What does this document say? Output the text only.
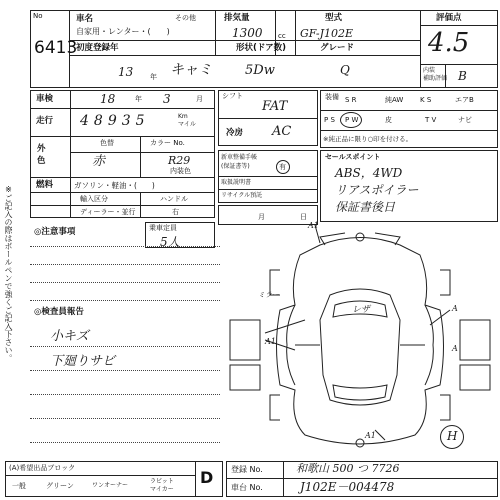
※ご記入の際はボールペンで強くご記入下さい。
No
6413
車名	その他
自家用・レンター・(　　)
排気量
1300 cc
型式
GF-J102E
評価点
4.5
初度登録年	形状(ドア数)	グレード
13 年 キャミ	5Dw	Q	内装
補助評価 B
車検	18	年 3	月
走行 48935	Km
マイル
外
色
色替	カラー No.
赤	R29
内装色
燃料	ガソリン・軽油・(　　)
輸入区分	ハンドル
ディーラー・並行	右
シフト
FAT
冷房 AC
新車整備手帳
(保証書等)	有
取扱説明書
リサイクル預託
月	日
装備 S R	純AW K S	エアB
P S P W	皮	T V	ナビ
※純正品に限り○印を付ける。
セールスポイント
ABS，4WD
リアスポイラー
保証書後日
乗車定員
5人
◎注意事項
◎検査員報告
小キズ
下廻りサビ
A1
A
A1
A
A1
ミラー
レザ
H
(A)希望出品ブロック	D
一般	グリーン	ワンオーナー
ラビット
マイカー
登録 No.	和歌山 500 つ 7726
車台 No.	J102E－004478
